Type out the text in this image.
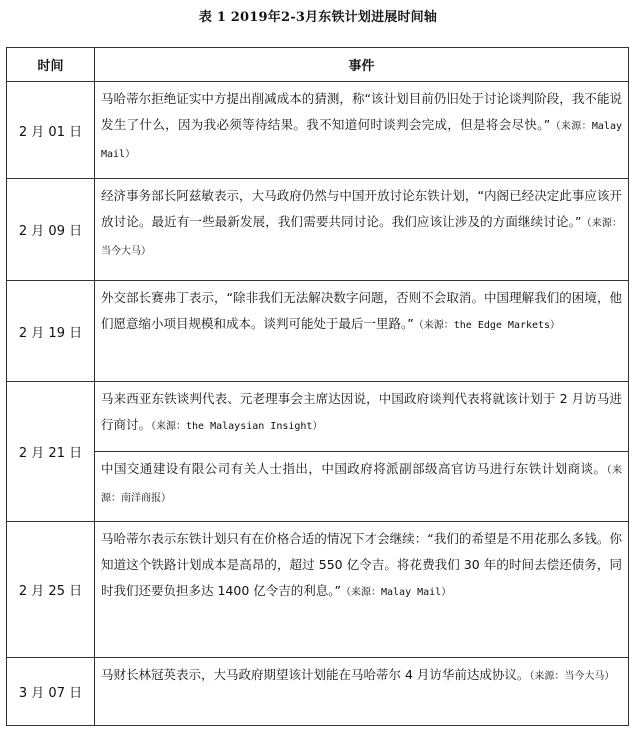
表 1 2019年2-3月东铁计划进展时间轴
时间	事件
2 月 01 日	马哈蒂尔拒绝证实中方提出削减成本的猜测，称“该计划目前仍旧处于讨论谈判阶段，我不能说发生了什么，因为我必须等待结果。我不知道何时谈判会完成，但是将会尽快。”（来源：Malay Mail）
2 月 09 日	经济事务部长阿兹敏表示，大马政府仍然与中国开放讨论东铁计划，“内阁已经决定此事应该开放讨论。最近有一些最新发展，我们需要共同讨论。我们应该让涉及的方面继续讨论。”（来源：当今大马）
2 月 19 日	外交部长赛弗丁表示，“除非我们无法解决数字问题，否则不会取消。中国理解我们的困境，他们愿意缩小项目规模和成本。谈判可能处于最后一里路。”（来源：the Edge Markets）
2 月 21 日	马来西亚东铁谈判代表、元老理事会主席达因说，中国政府谈判代表将就该计划于 2 月访马进行商讨。（来源：the Malaysian Insight）
	中国交通建设有限公司有关人士指出，中国政府将派副部级高官访马进行东铁计划商谈。（来源：南洋商报）
2 月 25 日	马哈蒂尔表示东铁计划只有在价格合适的情况下才会继续：“我们的希望是不用花那么多钱。你知道这个铁路计划成本是高昂的，超过 550 亿令吉。将花费我们 30 年的时间去偿还债务，同时我们还要负担多达 1400 亿令吉的利息。”（来源：Malay Mail）
3 月 07 日	马财长林冠英表示，大马政府期望该计划能在马哈蒂尔 4 月访华前达成协议。（来源：当今大马）
